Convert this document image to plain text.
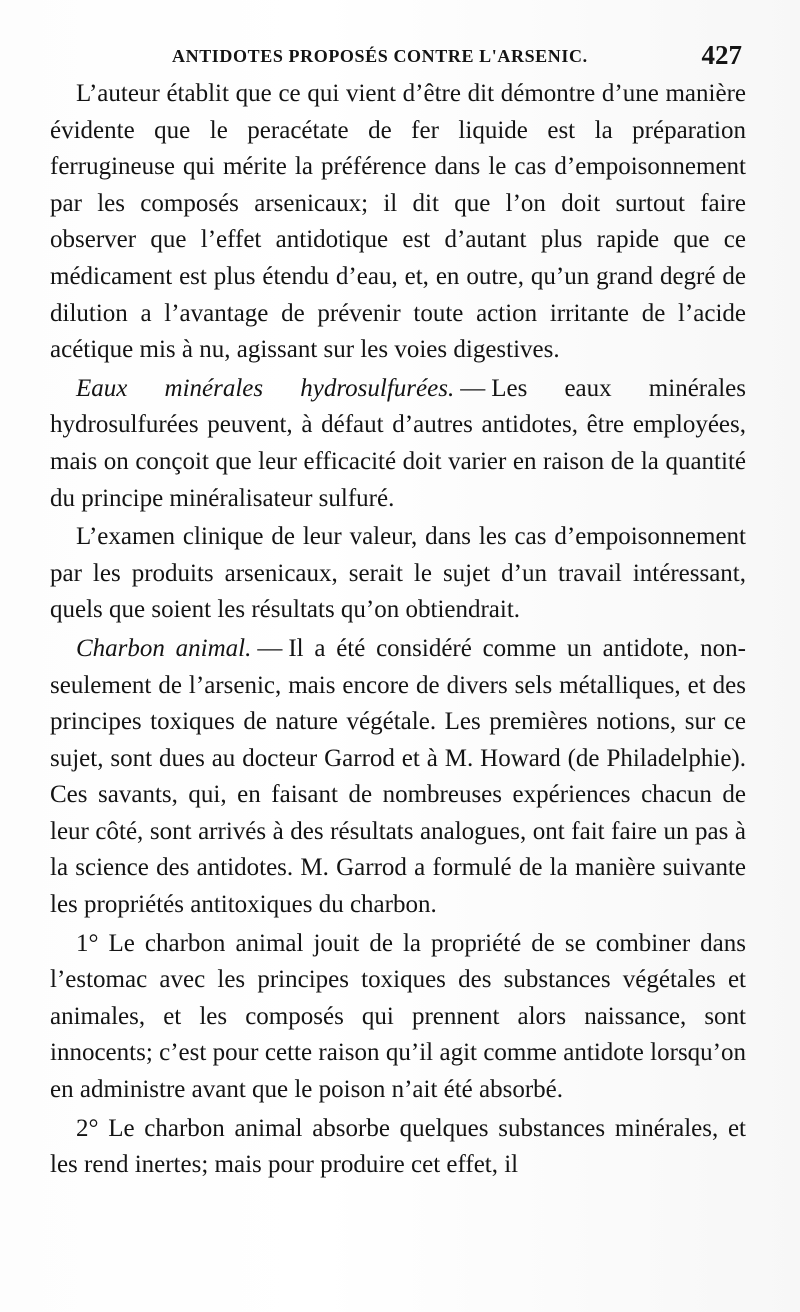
ANTIDOTES PROPOSÉS CONTRE L'ARSENIC.	427

L’auteur établit que ce qui vient d’être dit démontre d’une manière évidente que le peracétate de fer liquide est la préparation ferrugineuse qui mérite la préférence dans le cas d’empoisonnement par les composés arsenicaux; il dit que l’on doit surtout faire observer que l’effet antidotique est d’autant plus rapide que ce médicament est plus étendu d’eau, et, en outre, qu’un grand degré de dilution a l’avantage de prévenir toute action irritante de l’acide acétique mis à nu, agissant sur les voies digestives.

Eaux minérales hydrosulfurées. — Les eaux minérales hydrosulfurées peuvent, à défaut d’autres antidotes, être employées, mais on conçoit que leur efficacité doit varier en raison de la quantité du principe minéralisateur sulfuré.

L’examen clinique de leur valeur, dans les cas d’empoisonnement par les produits arsenicaux, serait le sujet d’un travail intéressant, quels que soient les résultats qu’on obtiendrait.

Charbon animal. — Il a été considéré comme un antidote, non-seulement de l’arsenic, mais encore de divers sels métalliques, et des principes toxiques de nature végétale. Les premières notions, sur ce sujet, sont dues au docteur Garrod et à M. Howard (de Philadelphie). Ces savants, qui, en faisant de nombreuses expériences chacun de leur côté, sont arrivés à des résultats analogues, ont fait faire un pas à la science des antidotes. M. Garrod a formulé de la manière suivante les propriétés antitoxiques du charbon.

1° Le charbon animal jouit de la propriété de se combiner dans l’estomac avec les principes toxiques des substances végétales et animales, et les composés qui prennent alors naissance, sont innocents; c’est pour cette raison qu’il agit comme antidote lorsqu’on en administre avant que le poison n’ait été absorbé.

2° Le charbon animal absorbe quelques substances minérales, et les rend inertes; mais pour produire cet effet, il
